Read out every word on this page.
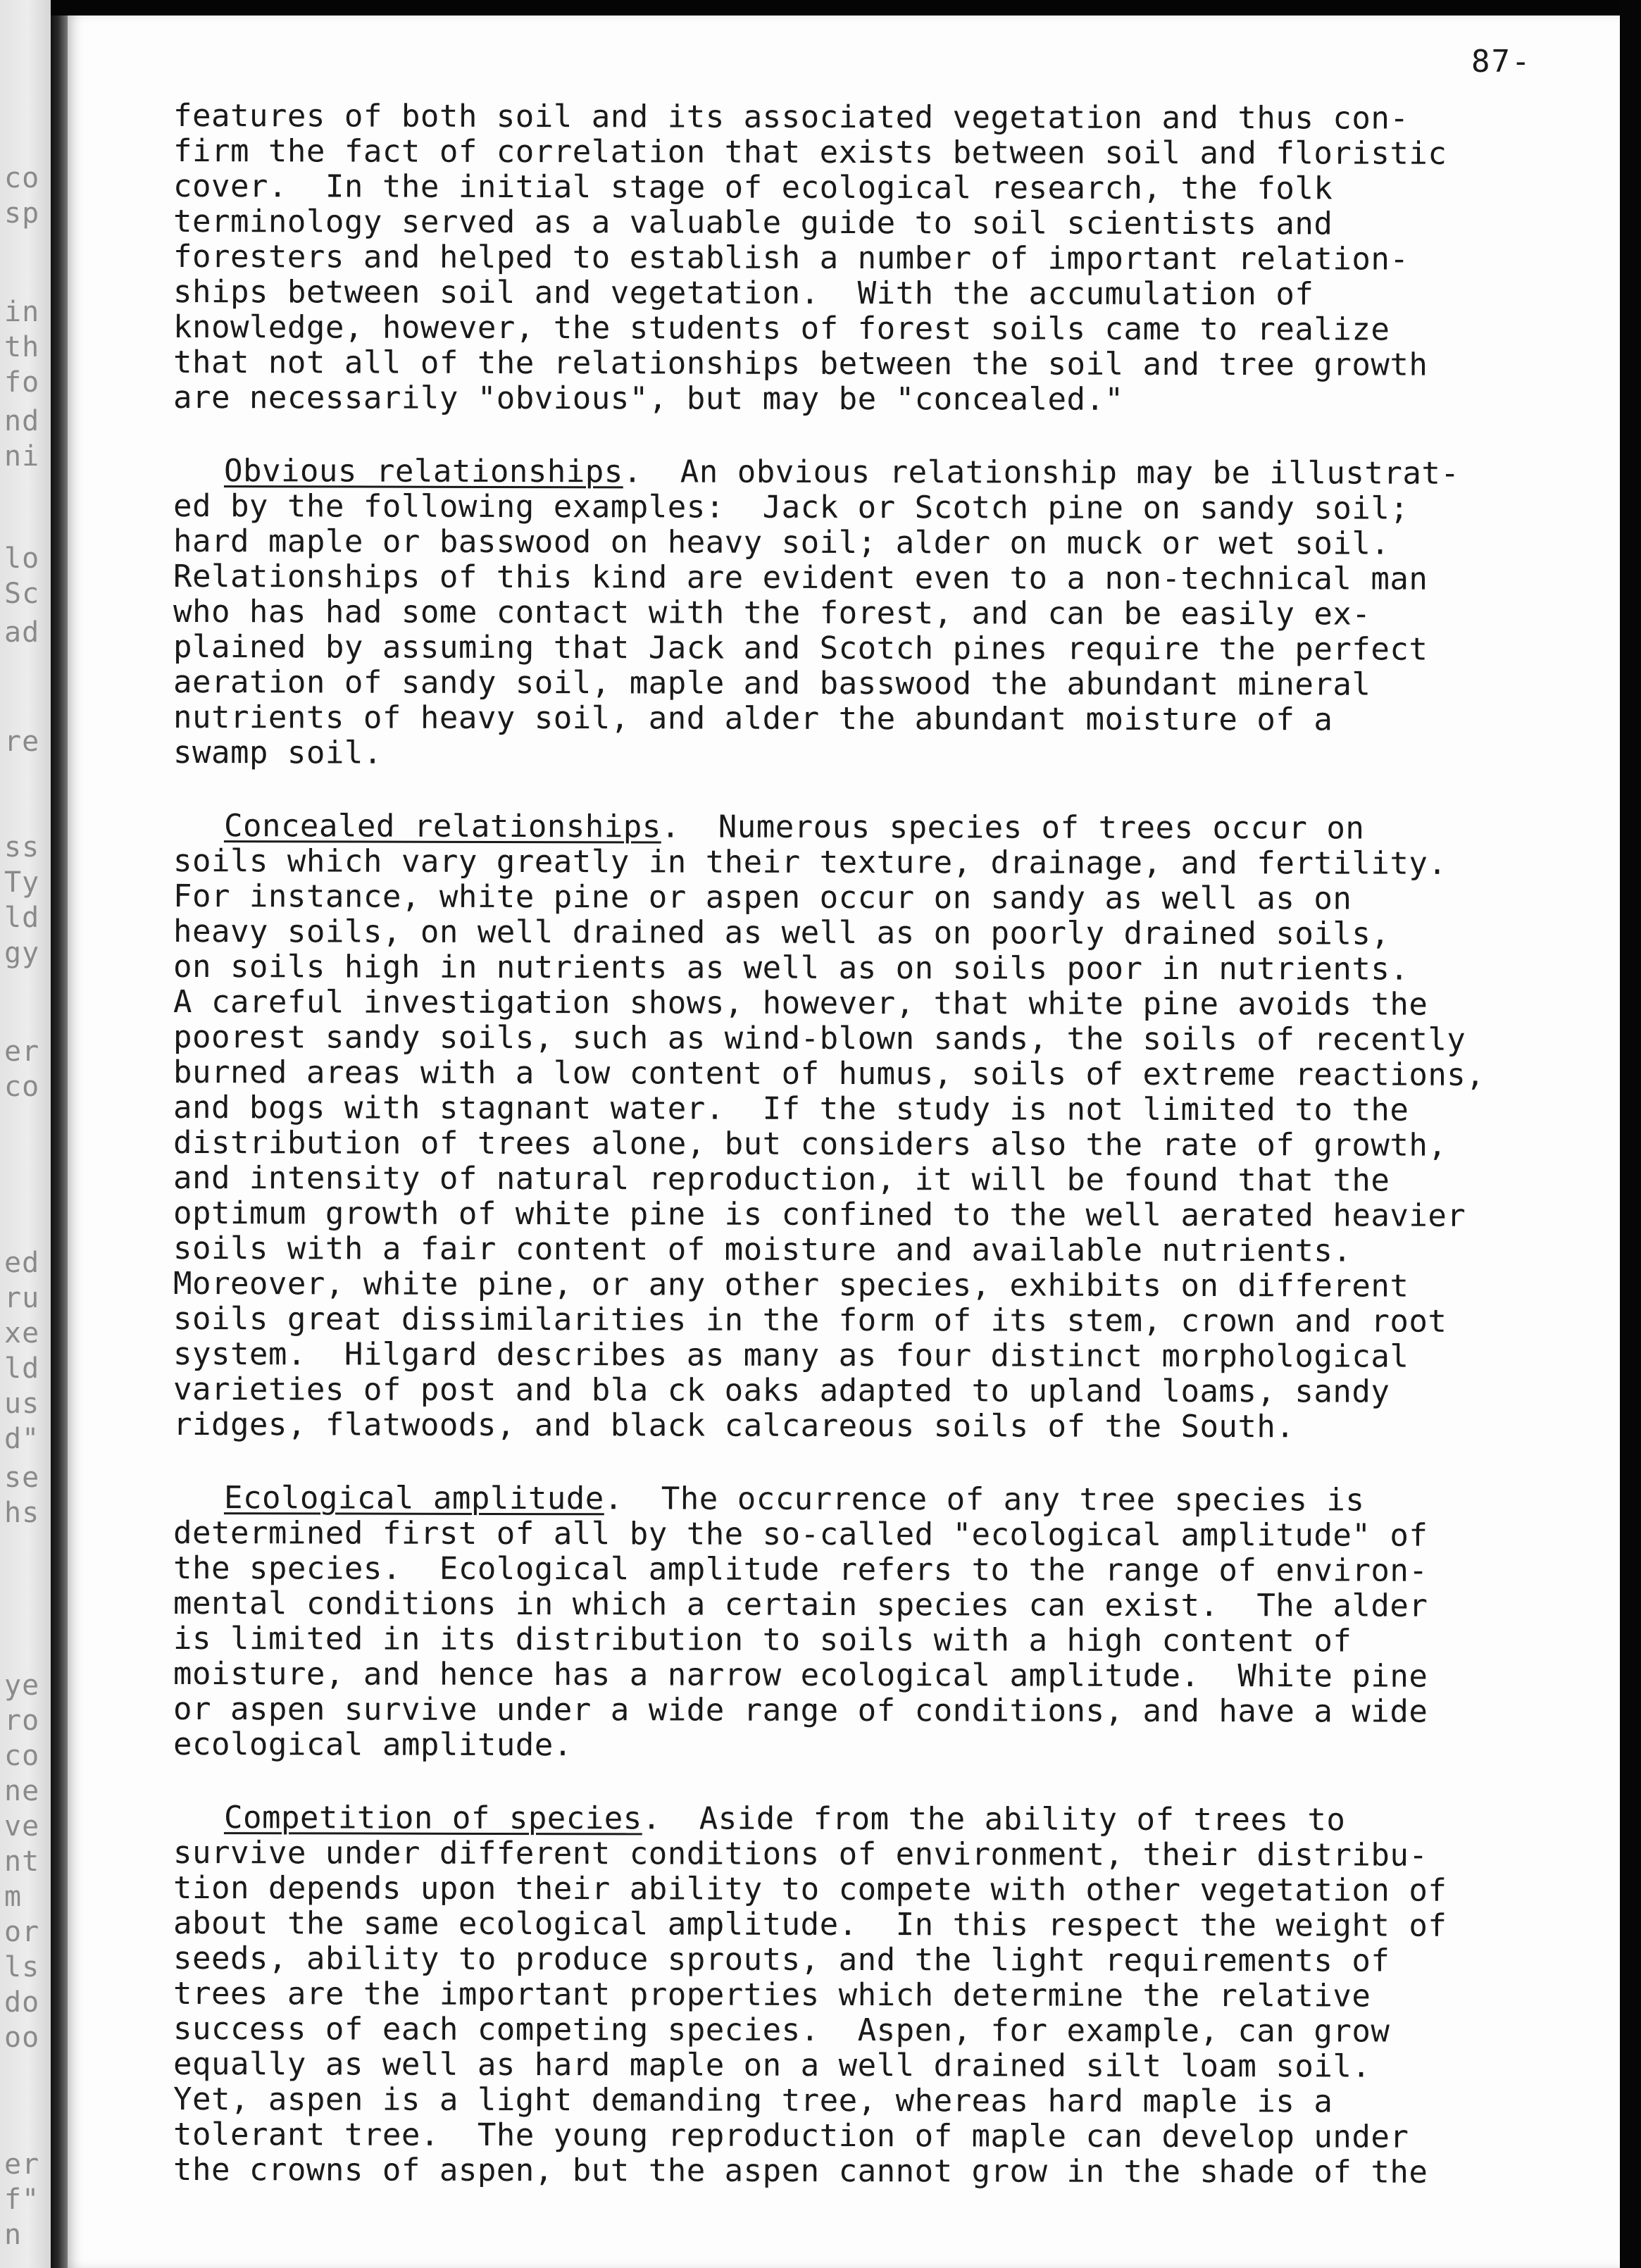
co
sp
in
th
fo
nd
ni
lo
Sc
ad
re
ss
Ty
ld
gy
er
co
ed
ru
xe
ld
us
d"
se
hs
ye
ro
co
ne
ve
nt
m
or
ls
do
oo
er
f"
n
87-
features of both soil and its associated vegetation and thus con-
firm the fact of correlation that exists between soil and floristic
cover.  In the initial stage of ecological research, the folk
terminology served as a valuable guide to soil scientists and
foresters and helped to establish a number of important relation-
ships between soil and vegetation.  With the accumulation of
knowledge, however, the students of forest soils came to realize
that not all of the relationships between the soil and tree growth
are necessarily "obvious", but may be "concealed."
Obvious relationships.  An obvious relationship may be illustrat-
ed by the following examples:  Jack or Scotch pine on sandy soil;
hard maple or basswood on heavy soil; alder on muck or wet soil.
Relationships of this kind are evident even to a non-technical man
who has had some contact with the forest, and can be easily ex-
plained by assuming that Jack and Scotch pines require the perfect
aeration of sandy soil, maple and basswood the abundant mineral
nutrients of heavy soil, and alder the abundant moisture of a
swamp soil.
Concealed relationships.  Numerous species of trees occur on
soils which vary greatly in their texture, drainage, and fertility.
For instance, white pine or aspen occur on sandy as well as on
heavy soils, on well drained as well as on poorly drained soils,
on soils high in nutrients as well as on soils poor in nutrients.
A careful investigation shows, however, that white pine avoids the
poorest sandy soils, such as wind-blown sands, the soils of recently
burned areas with a low content of humus, soils of extreme reactions,
and bogs with stagnant water.  If the study is not limited to the
distribution of trees alone, but considers also the rate of growth,
and intensity of natural reproduction, it will be found that the
optimum growth of white pine is confined to the well aerated heavier
soils with a fair content of moisture and available nutrients.
Moreover, white pine, or any other species, exhibits on different
soils great dissimilarities in the form of its stem, crown and root
system.  Hilgard describes as many as four distinct morphological
varieties of post and bla ck oaks adapted to upland loams, sandy
ridges, flatwoods, and black calcareous soils of the South.
Ecological amplitude.  The occurrence of any tree species is
determined first of all by the so-called "ecological amplitude" of
the species.  Ecological amplitude refers to the range of environ-
mental conditions in which a certain species can exist.  The alder
is limited in its distribution to soils with a high content of
moisture, and hence has a narrow ecological amplitude.  White pine
or aspen survive under a wide range of conditions, and have a wide
ecological amplitude.
Competition of species.  Aside from the ability of trees to
survive under different conditions of environment, their distribu-
tion depends upon their ability to compete with other vegetation of
about the same ecological amplitude.  In this respect the weight of
seeds, ability to produce sprouts, and the light requirements of
trees are the important properties which determine the relative
success of each competing species.  Aspen, for example, can grow
equally as well as hard maple on a well drained silt loam soil.
Yet, aspen is a light demanding tree, whereas hard maple is a
tolerant tree.  The young reproduction of maple can develop under
the crowns of aspen, but the aspen cannot grow in the shade of the
